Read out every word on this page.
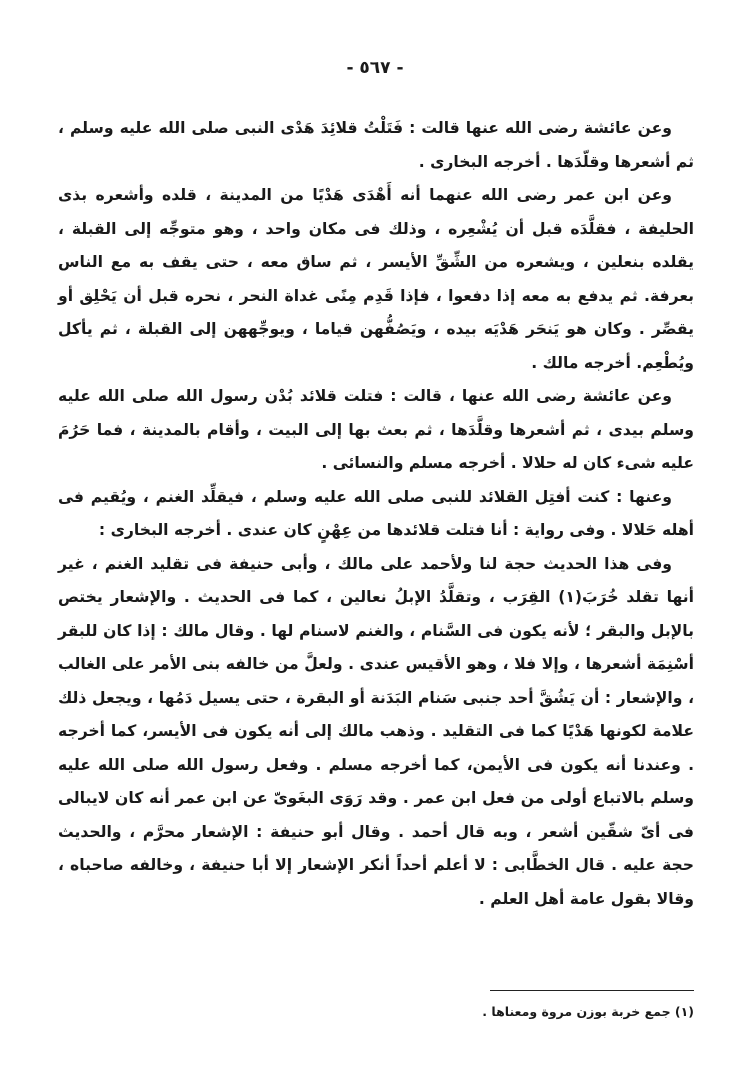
- ٥٦٧ -

وعن عائشة رضى الله عنها قالت : فَتَلْتُ قلائِدَ هَدْى النبى صلى الله عليه وسلم ، ثم أشعرها وقلّدَها . أخرجه البخارى .

وعن ابن عمر رضى الله عنهما أنه أَهْدَى هَدْيًا من المدينة ، قلده وأشعره بذى الحليفة ، فقلَّدَه قبل أن يُشْعِره ، وذلك فى مكان واحد ، وهو متوجِّه إلى القبلة ، يقلده بنعلين ، ويشعره من الشِّقِّ الأيسر ، ثم ساق معه ، حتى يقف به مع الناس بعرفة. ثم يدفع به معه إذا دفعوا ، فإذا قَدِم مِنًى غداة النحر ، نحره قبل أن يَحْلِق أو يقصِّر . وكان هو يَنحَر هَدْيَه بيده ، ويَصُفُّهن قياما ، ويوجِّههن إلى القبلة ، ثم يأكل ويُطْعِم. أخرجه مالك .

وعن عائشة رضى الله عنها ، قالت : فتلت قلائد بُدْن رسول الله صلى الله عليه وسلم بيدى ، ثم أشعرها وقلَّدَها ، ثم بعث بها إلى البيت ، وأقام بالمدينة ، فما حَرُمَ عليه شىء كان له حلالا . أخرجه مسلم والنسائى .

وعنها : كنت أفتِل القلائد للنبى صلى الله عليه وسلم ، فيقلِّد الغنم ، ويُقيم فى أهله حَلالا . وفى رواية : أنا فتلت قلائدها من عِهْنٍ كان عندى . أخرجه البخارى :

وفى هذا الحديث حجة لنا ولأحمد على مالك ، وأبى حنيفة فى تقليد الغنم ، غير أنها تقلد خُرَبَ(١) القِرَب ، وتقلَّدُ الإبلُ نعالين ، كما فى الحديث . والإشعار يختص بالإبل والبقر ؛ لأنه يكون فى السَّنام ، والغنم لاسنام لها . وقال مالك : إذا كان للبقر أسْنِمَة أشعرها ، وإلا فلا ، وهو الأقيس عندى . ولعلَّ من خالفه بنى الأمر على الغالب ، والإشعار : أن يَشُقَّ أحد جنبى سَنام البَدَنة أو البقرة ، حتى يسيل دَمُها ، ويجعل ذلك علامة لكونها هَدْيًا كما فى التقليد . وذهب مالك إلى أنه يكون فى الأيسر، كما أخرجه . وعندنا أنه يكون فى الأيمن، كما أخرجه مسلم . وفعل رسول الله صلى الله عليه وسلم بالاتباع أولى من فعل ابن عمر . وقد رَوَى البغَوىّ عن ابن عمر أنه كان لايبالى فى أىّ شقّين أشعر ، وبه قال أحمد . وقال أبو حنيفة : الإشعار محرَّم ، والحديث حجة عليه . قال الخطَّابى : لا أعلم أحداً أنكر الإشعار إلا أبا حنيفة ، وخالفه صاحباه ، وقالا بقول عامة أهل العلم .

(١) جمع خربة بوزن مروة ومعناها .
